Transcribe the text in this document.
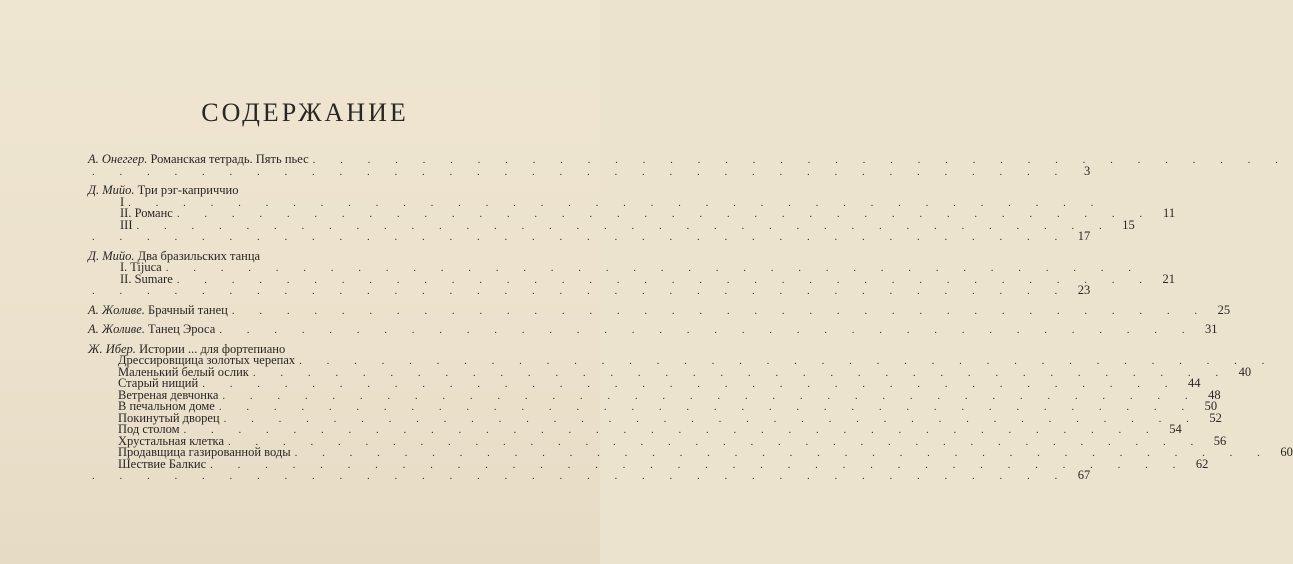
СОДЕРЖАНИЕ
А. Онеггер. Романская тетрадь. Пять пьес . . . . . . . . . . . . . . . . . . . . . . . . . . . . . . . . . . . .
. . . . . . . . . . . . . . . . . . . . . . . . . . . . . . . . . . . .	3
Д. Мийо. Три рэг-каприччио
I . . . . . . . . . . . . . . . . . . . . . . . . . . . . . . . . . . . .
II. Романс . . . . . . . . . . . . . . . . . . . . . . . . . . . . . . . . . . . . 11
III . . . . . . . . . . . . . . . . . . . . . . . . . . . . . . . . . . . . 15
. . . . . . . . . . . . . . . . . . . . . . . . . . . . . . . . . . . . 17
Д. Мийо. Два бразильских танца
I. Tijuca . . . . . . . . . . . . . . . . . . . . . . . . . . . . . . . . . . . .
II. Sumare . . . . . . . . . . . . . . . . . . . . . . . . . . . . . . . . . . . . 21
. . . . . . . . . . . . . . . . . . . . . . . . . . . . . . . . . . . . 23
А. Жоливе. Брачный танец . . . . . . . . . . . . . . . . . . . . . . . . . . . . . . . . . . . . 25
А. Жоливе. Танец Эроса . . . . . . . . . . . . . . . . . . . . . . . . . . . . . . . . . . . . 31
Ж. Ибер. Истории ... для фортепиано
Дрессировщица золотых черепах . . . . . . . . . . . . . . . . . . . . . . . . . . . . . . . . . . . .
Маленький белый ослик . . . . . . . . . . . . . . . . . . . . . . . . . . . . . . . . . . . . 40
Старый нищий . . . . . . . . . . . . . . . . . . . . . . . . . . . . . . . . . . . . 44
Ветреная девчонка . . . . . . . . . . . . . . . . . . . . . . . . . . . . . . . . . . . . 48
В печальном доме . . . . . . . . . . . . . . . . . . . . . . . . . . . . . . . . . . . . 50
Покинутый дворец . . . . . . . . . . . . . . . . . . . . . . . . . . . . . . . . . . . . 52
Под столом . . . . . . . . . . . . . . . . . . . . . . . . . . . . . . . . . . . . 54
Хрустальная клетка . . . . . . . . . . . . . . . . . . . . . . . . . . . . . . . . . . . . 56
Продавщица газированной воды . . . . . . . . . . . . . . . . . . . . . . . . . . . . . . . . . . . . 60
Шествие Балкис . . . . . . . . . . . . . . . . . . . . . . . . . . . . . . . . . . . . 62
. . . . . . . . . . . . . . . . . . . . . . . . . . . . . . . . . . . . 67
